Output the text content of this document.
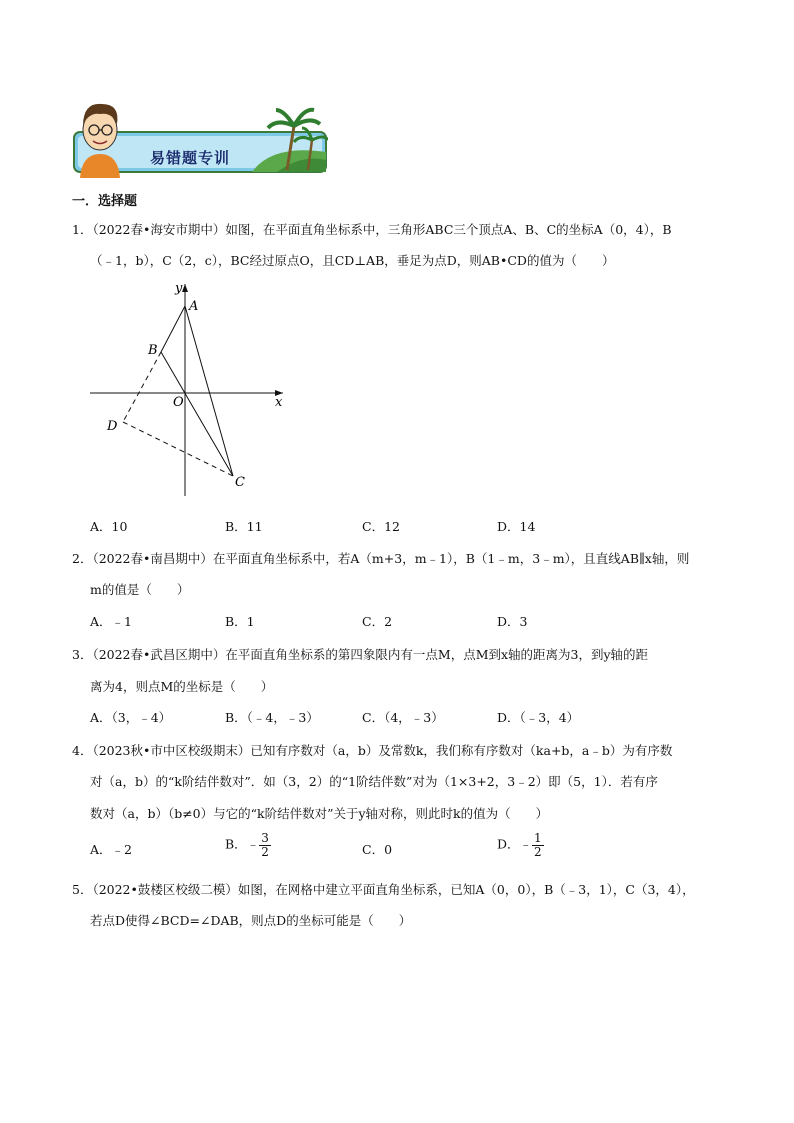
易错题专训
一．选择题
1．（2022春•海安市期中）如图，在平面直角坐标系中，三角形ABC三个顶点A、B、C的坐标A（0，4），B
（﹣1，b），C（2，c），BC经过原点O，且CD⊥AB，垂足为点D，则AB•CD的值为（　　）
y
A
B
O	x
D
C
A．10	B．11	C．12	D．14
2．（2022春•南昌期中）在平面直角坐标系中，若A（m+3，m﹣1），B（1﹣m，3﹣m），且直线AB∥x轴，则
m的值是（　　）
A．﹣1	B．1	C．2	D．3
3．（2022春•武昌区期中）在平面直角坐标系的第四象限内有一点M，点M到x轴的距离为3，到y轴的距
离为4，则点M的坐标是（　　）
A．（3，﹣4）	B．（﹣4，﹣3）	C．（4，﹣3）	D．（﹣3，4）
4．（2023秋•市中区校级期末）已知有序数对（a，b）及常数k，我们称有序数对（ka+b，a﹣b）为有序数
对（a，b）的“k阶结伴数对”．如（3，2）的“1阶结伴数”对为（1×3+2，3﹣2）即（5，1）．若有序
数对（a，b）（b≠0）与它的“k阶结伴数对”关于y轴对称，则此时k的值为（　　）
A．﹣2	B．﹣ $\frac{3}{2}$	C．0	D．﹣ $\frac{1}{2}$
5．（2022•鼓楼区校级二模）如图，在网格中建立平面直角坐标系，已知A（0，0），B（﹣3，1），C（3，4），
若点D使得∠BCD=∠DAB，则点D的坐标可能是（　　）
